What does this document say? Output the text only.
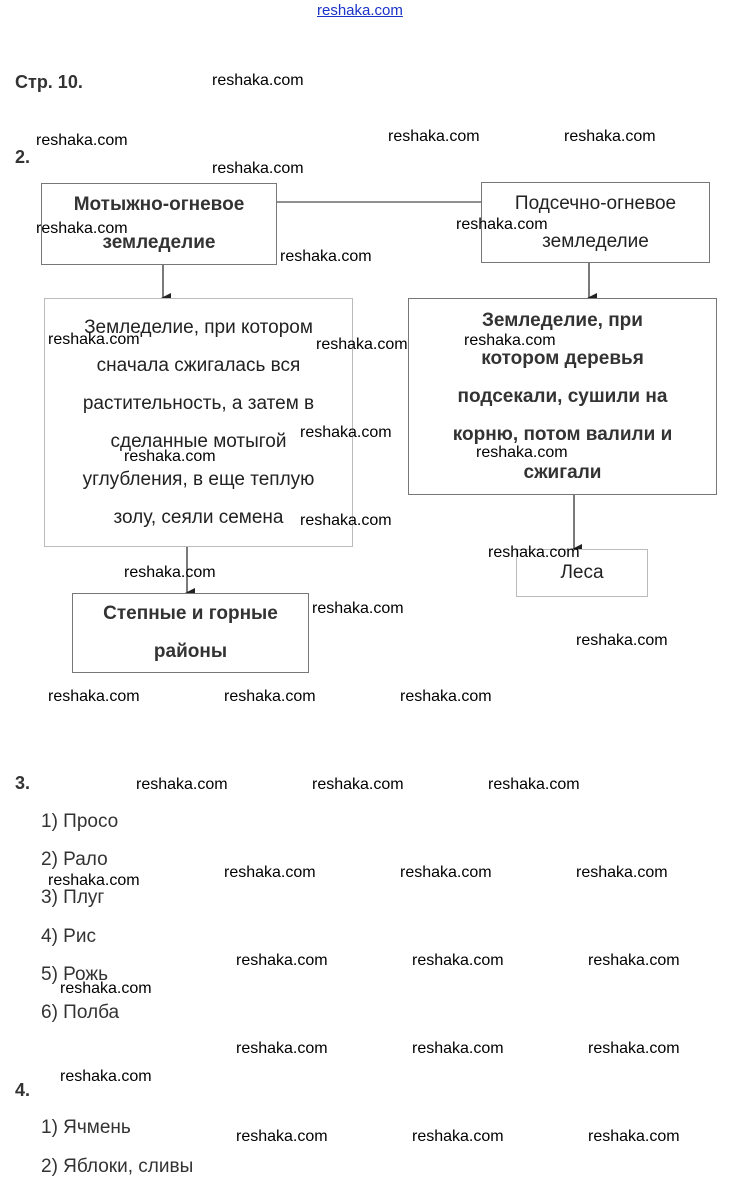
reshaka.com
Стр. 10.
2.
Мотыжно-огневое
земледелие
Подсечно-огневое
земледелие
Земледелие, при котором
сначала сжигалась вся
растительность, а затем в
сделанные мотыгой
углубления, в еще теплую
золу, сеяли семена
Земледелие, при
котором деревья
подсекали, сушили на
корню, потом валили и
сжигали
Степные и горные
районы
Леса
3.
1) Просо
2) Рало
3) Плуг
4) Рис
5) Рожь
6) Полба
4.
1) Ячмень
2) Яблоки, сливы
reshaka.com
reshaka.com	reshaka.com	reshaka.com
reshaka.com
reshaka.com	reshaka.com
reshaka.com
reshaka.com	reshaka.com
reshaka.com
reshaka.com
reshaka.com	reshaka.com
reshaka.com
reshaka.com
reshaka.com
reshaka.com
reshaka.com
reshaka.com	reshaka.com	reshaka.com
reshaka.com	reshaka.com	reshaka.com
reshaka.com	reshaka.com	reshaka.com	reshaka.com
reshaka.com	reshaka.com	reshaka.com
reshaka.com
reshaka.com	reshaka.com	reshaka.com
reshaka.com
reshaka.com	reshaka.com	reshaka.com
